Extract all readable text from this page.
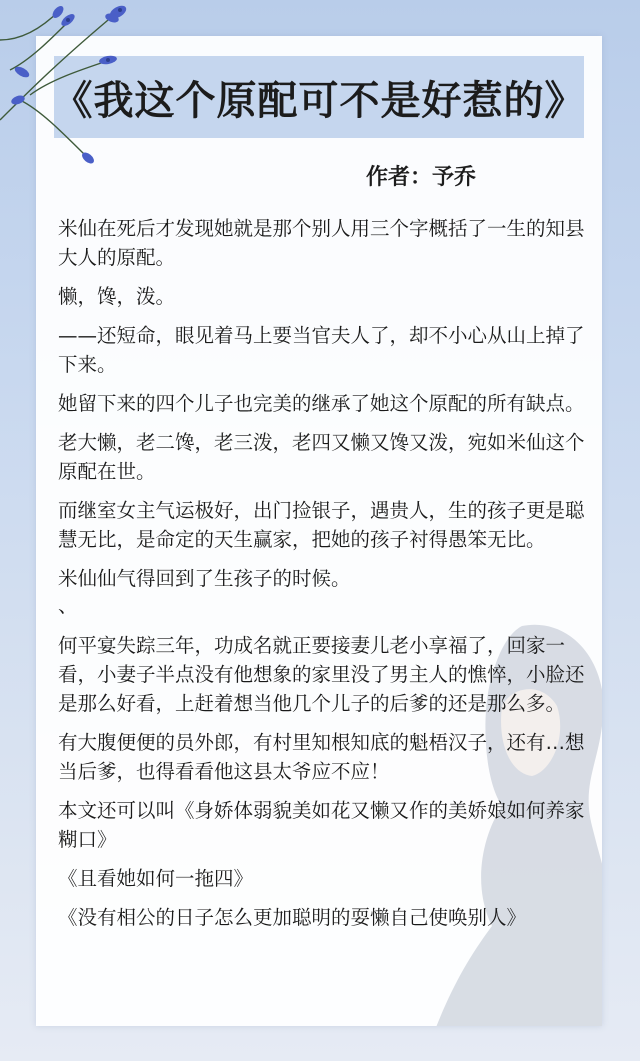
《我这个原配可不是好惹的》
作者：予乔

米仙在死后才发现她就是那个别人用三个字概括了一生的知县大人的原配。

懒，馋，泼。

——还短命，眼见着马上要当官夫人了，却不小心从山上掉了下来。

她留下来的四个儿子也完美的继承了她这个原配的所有缺点。

老大懒，老二馋，老三泼，老四又懒又馋又泼，宛如米仙这个原配在世。

而继室女主气运极好，出门捡银子，遇贵人，生的孩子更是聪慧无比，是命定的天生赢家，把她的孩子衬得愚笨无比。

米仙仙气得回到了生孩子的时候。

、

何平宴失踪三年，功成名就正要接妻儿老小享福了，回家一看，小妻子半点没有他想象的家里没了男主人的憔悴，小脸还是那么好看，上赶着想当他几个儿子的后爹的还是那么多。

有大腹便便的员外郎，有村里知根知底的魁梧汉子，还有…想当后爹，也得看看他这县太爷应不应！

本文还可以叫《身娇体弱貌美如花又懒又作的美娇娘如何养家糊口》

《且看她如何一拖四》

《没有相公的日子怎么更加聪明的耍懒自己使唤别人》
